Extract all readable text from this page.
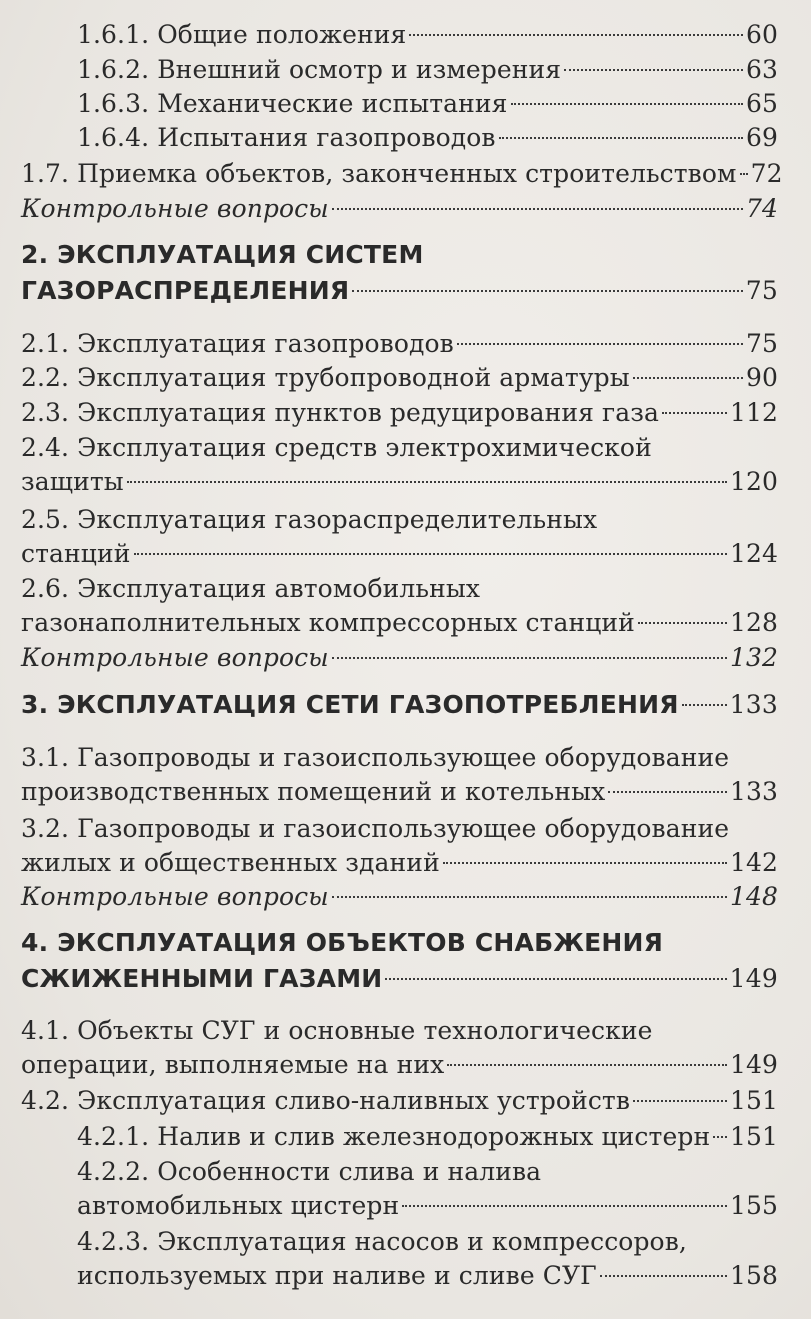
1.6.1. Общие положения	60
1.6.2. Внешний осмотр и измерения	63
1.6.3. Механические испытания	65
1.6.4. Испытания газопроводов	69
1.7. Приемка объектов, законченных строительством 72
Контрольные вопросы	74
2. ЭКСПЛУАТАЦИЯ СИСТЕМ
ГАЗОРАСПРЕДЕЛЕНИЯ	75
2.1. Эксплуатация газопроводов	75
2.2. Эксплуатация трубопроводной арматуры	90
2.3. Эксплуатация пунктов редуцирования газа	112
2.4. Эксплуатация средств электрохимической
защиты	120
2.5. Эксплуатация газораспределительных
станций	124
2.6. Эксплуатация автомобильных
газонаполнительных компрессорных станций	128
Контрольные вопросы	132
3. ЭКСПЛУАТАЦИЯ СЕТИ ГАЗОПОТРЕБЛЕНИЯ 133
3.1. Газопроводы и газоиспользующее оборудование
производственных помещений и котельных	133
3.2. Газопроводы и газоиспользующее оборудование
жилых и общественных зданий	142
Контрольные вопросы	148
4. ЭКСПЛУАТАЦИЯ ОБЪЕКТОВ СНАБЖЕНИЯ
СЖИЖЕННЫМИ ГАЗАМИ	149
4.1. Объекты СУГ и основные технологические
операции, выполняемые на них	149
4.2. Эксплуатация сливо-наливных устройств	151
4.2.1. Налив и слив железнодорожных цистерн 151
4.2.2. Особенности слива и налива
автомобильных цистерн	155
4.2.3. Эксплуатация насосов и компрессоров,
используемых при наливе и сливе СУГ	158
